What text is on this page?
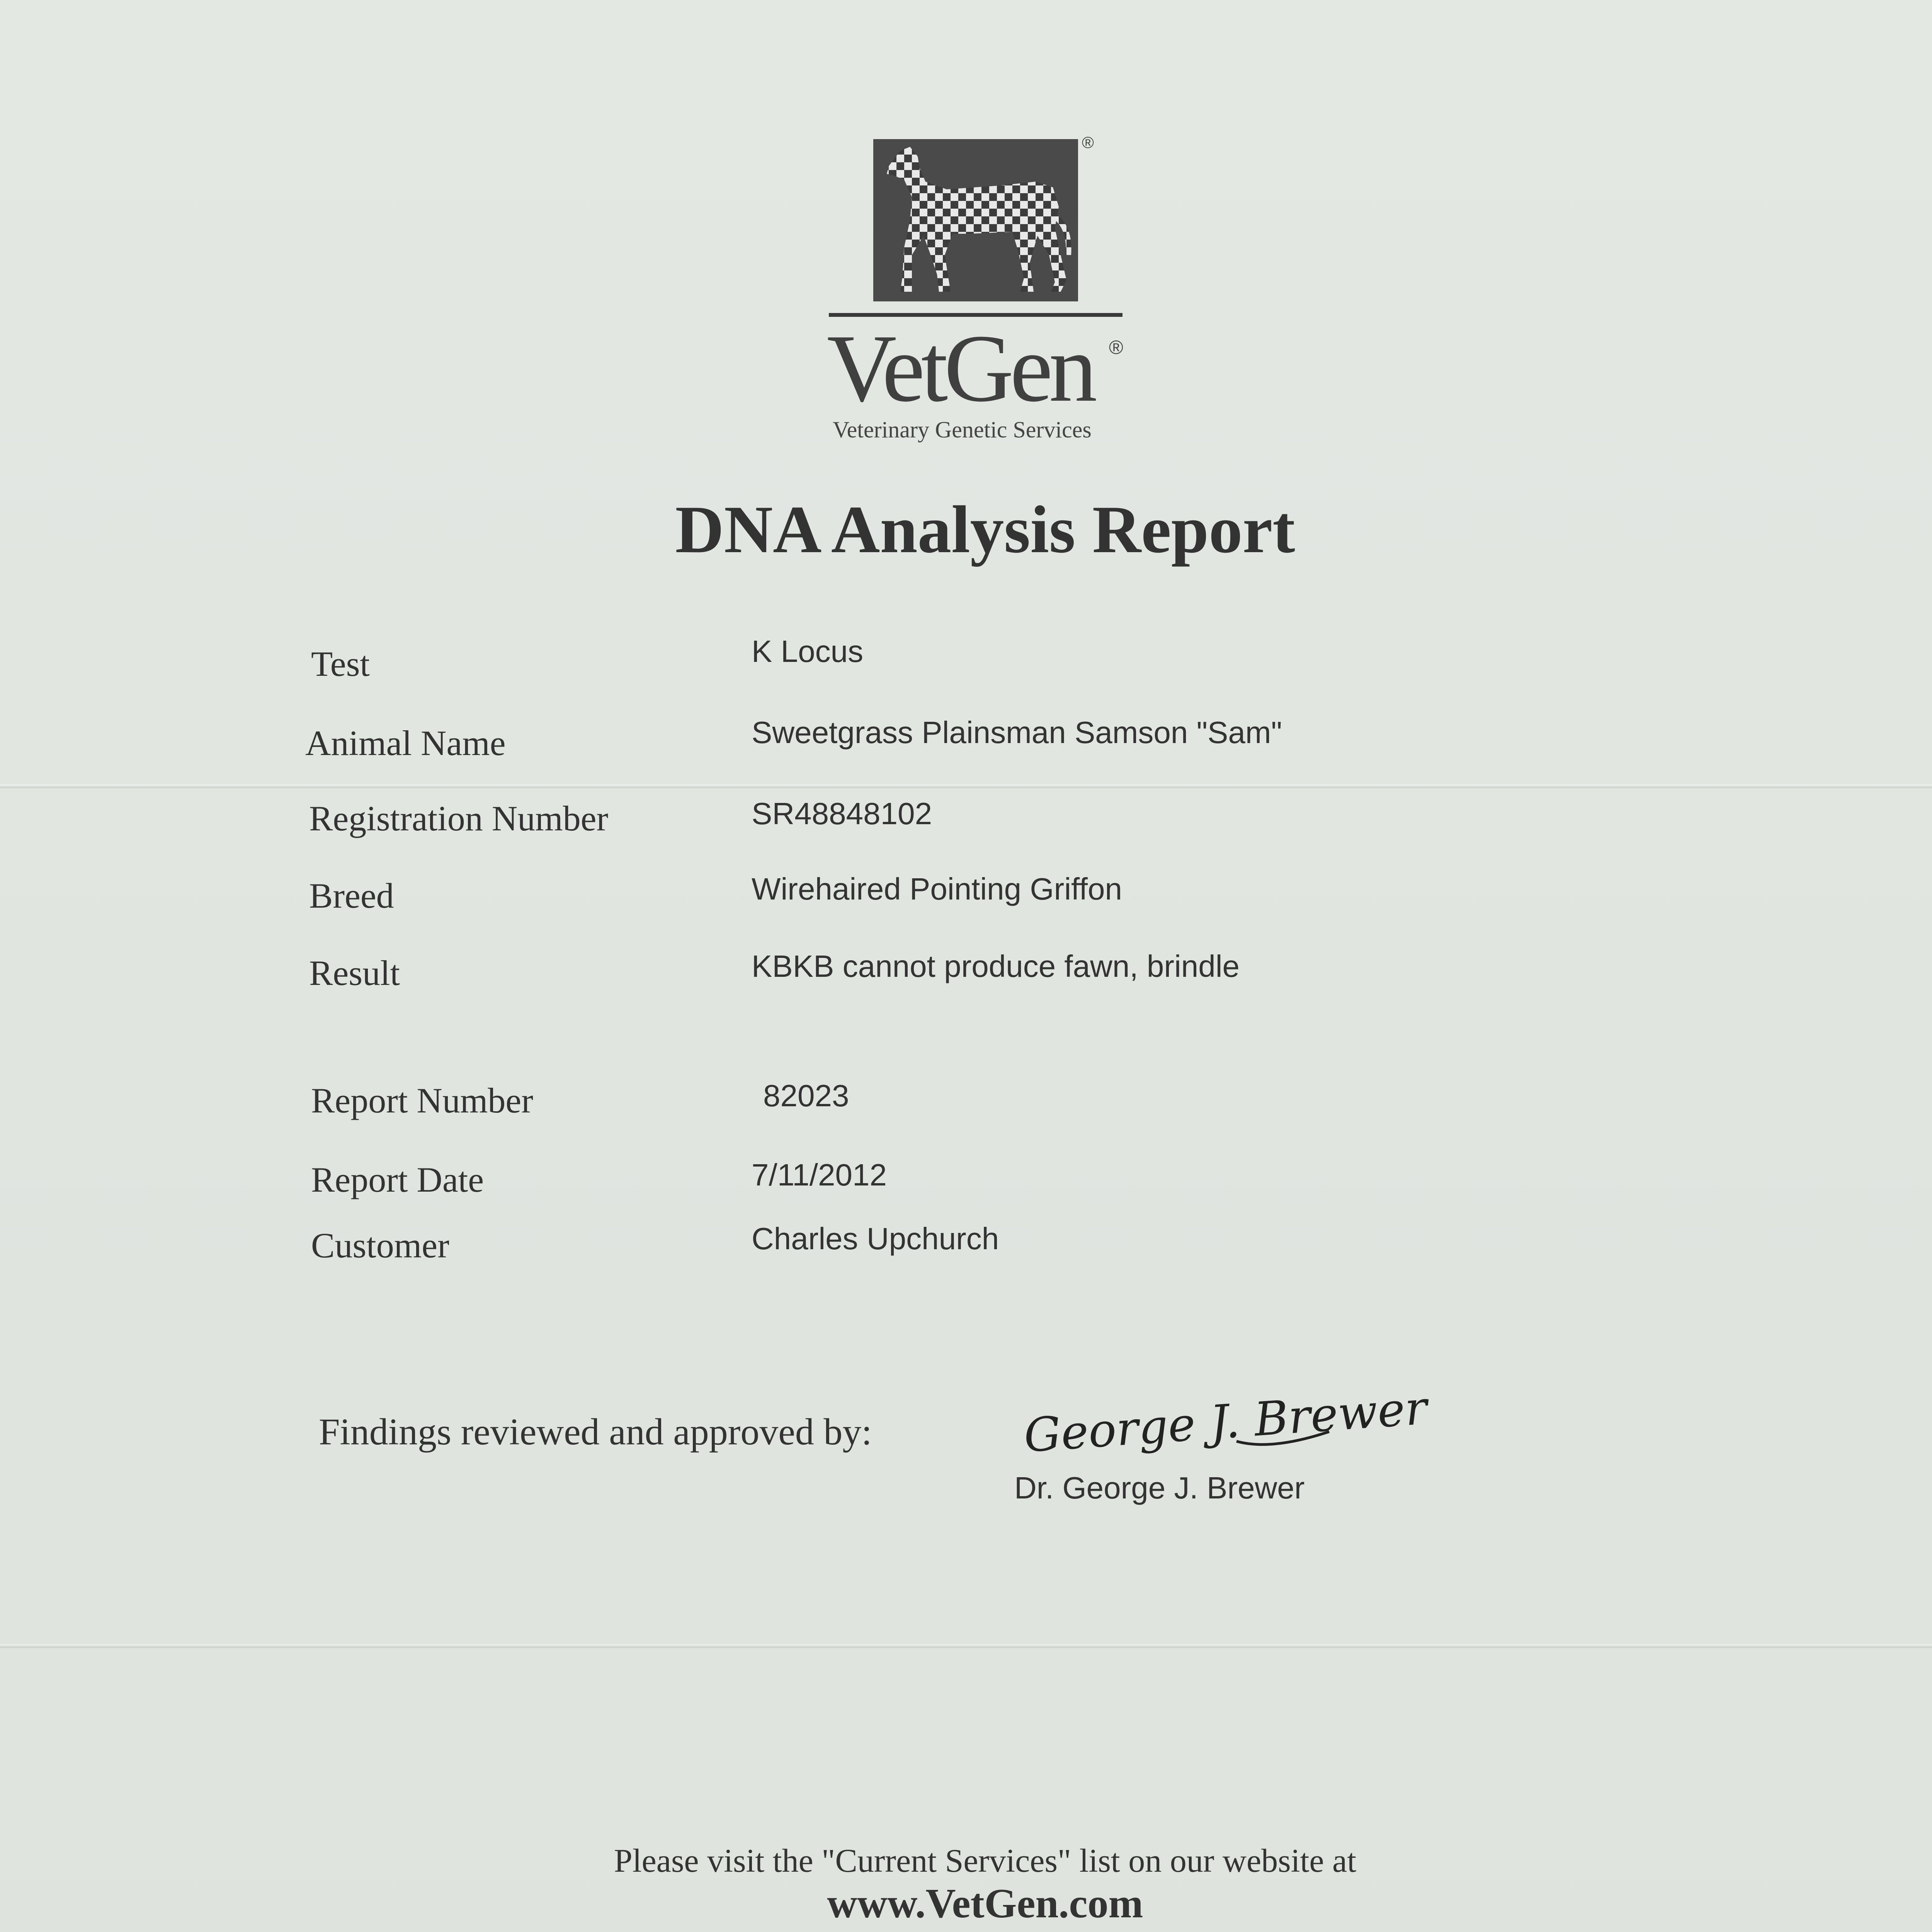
®
VetGen ®
Veterinary Genetic Services
DNA Analysis Report
Test	K Locus
Animal Name	Sweetgrass Plainsman Samson "Sam"
Registration Number	SR48848102
Breed	Wirehaired Pointing Griffon
Result	KBKB cannot produce fawn, brindle
Report Number	82023
Report Date	7/11/2012
Customer	Charles Upchurch
Findings reviewed and approved by:	George J. Brewer
Dr. George J. Brewer
Please visit the "Current Services" list on our website at
www.VetGen.com
